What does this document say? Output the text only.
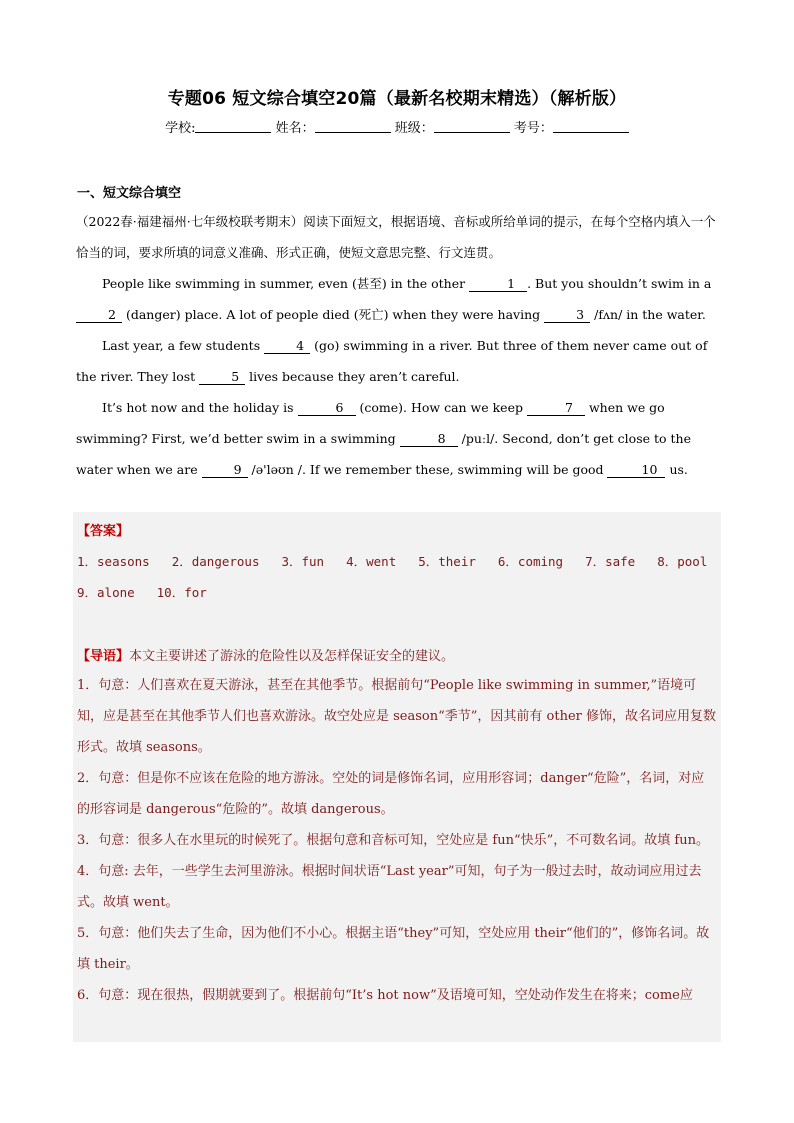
专题06 短文综合填空20篇（最新名校期末精选）（解析版）
学校:	姓名：	班级：	考号：
一、短文综合填空

（2022春·福建福州·七年级校联考期末）阅读下面短文，根据语境、音标或所给单词的提示，在每个空格内填入一个恰当的词，要求所填的词意义准确、形式正确，使短文意思完整、行文连贯。

People like swimming in summer, even (甚至) in the other	1 . But you shouldn’t swim in a 2 (danger) place. A lot of people died (死亡) when they were having	3 /fʌn/ in the water.

Last year, a few students	4 (go) swimming in a river. But three of them never came out of the river. They lost	5 lives because they aren’t careful.

It’s hot now and the holiday is	6 (come). How can we keep	7 when we go swimming? First, we’d better swim in a swimming	8 /puːl/. Second, don’t get close to the water when we are	9 /ə'ləʊn /. If we remember these, swimming will be good	10 us.

【答案】
1．seasons 2．dangerous 3．fun 4．went 5．their 6．coming 7．safe 8．pool
9．alone 10．for
【导语】本文主要讲述了游泳的危险性以及怎样保证安全的建议。

1．句意：人们喜欢在夏天游泳，甚至在其他季节。根据前句“People like swimming in summer,”语境可知，应是甚至在其他季节人们也喜欢游泳。故空处应是 season“季节”，因其前有 other 修饰，故名词应用复数形式。故填 seasons。

2．句意：但是你不应该在危险的地方游泳。空处的词是修饰名词，应用形容词；danger“危险”，名词，对应的形容词是 dangerous“危险的”。故填 dangerous。

3．句意：很多人在水里玩的时候死了。根据句意和音标可知，空处应是 fun“快乐”，不可数名词。故填 fun。

4．句意: 去年，一些学生去河里游泳。根据时间状语“Last year”可知，句子为一般过去时，故动词应用过去式。故填 went。

5．句意：他们失去了生命，因为他们不小心。根据主语“they”可知，空处应用 their“他们的”，修饰名词。故填 their。

6．句意：现在很热，假期就要到了。根据前句“It’s hot now”及语境可知，空处动作发生在将来；come应
